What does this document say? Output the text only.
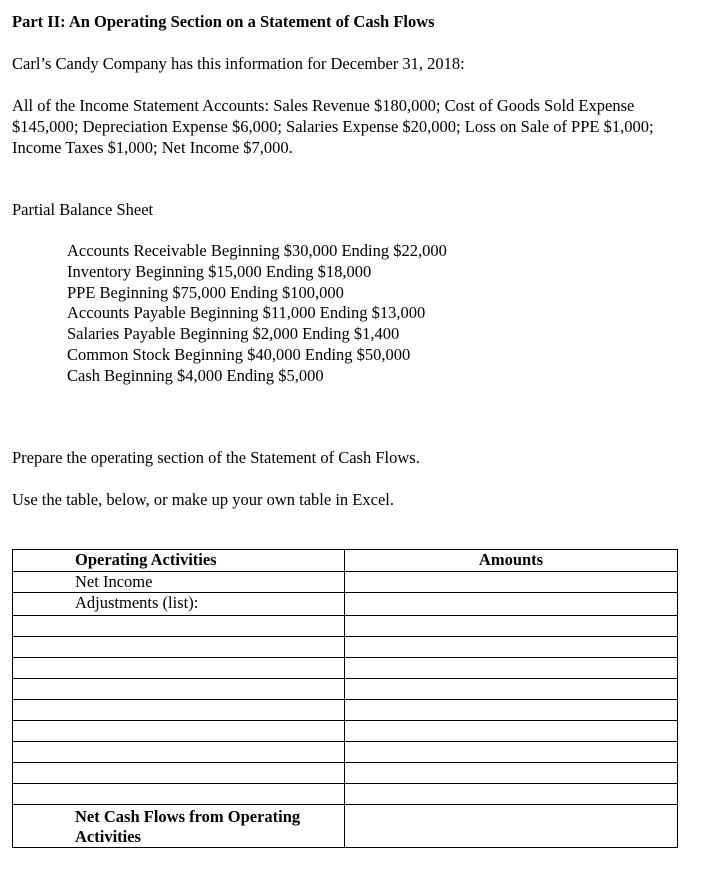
Part II: An Operating Section on a Statement of Cash Flows
Carl’s Candy Company has this information for December 31, 2018:
All of the Income Statement Accounts: Sales Revenue $180,000; Cost of Goods Sold Expense
$145,000; Depreciation Expense $6,000; Salaries Expense $20,000; Loss on Sale of PPE $1,000;
Income Taxes $1,000; Net Income $7,000.
Partial Balance Sheet
Accounts Receivable Beginning $30,000 Ending $22,000
Inventory Beginning $15,000 Ending $18,000
PPE Beginning $75,000 Ending $100,000
Accounts Payable Beginning $11,000 Ending $13,000
Salaries Payable Beginning $2,000 Ending $1,400
Common Stock Beginning $40,000 Ending $50,000
Cash Beginning $4,000 Ending $5,000
Prepare the operating section of the Statement of Cash Flows.
Use the table, below, or make up your own table in Excel.
Operating Activities	Amounts

Net Income	

Adjustments (list):	

Net Cash Flows from Operating Activities	
